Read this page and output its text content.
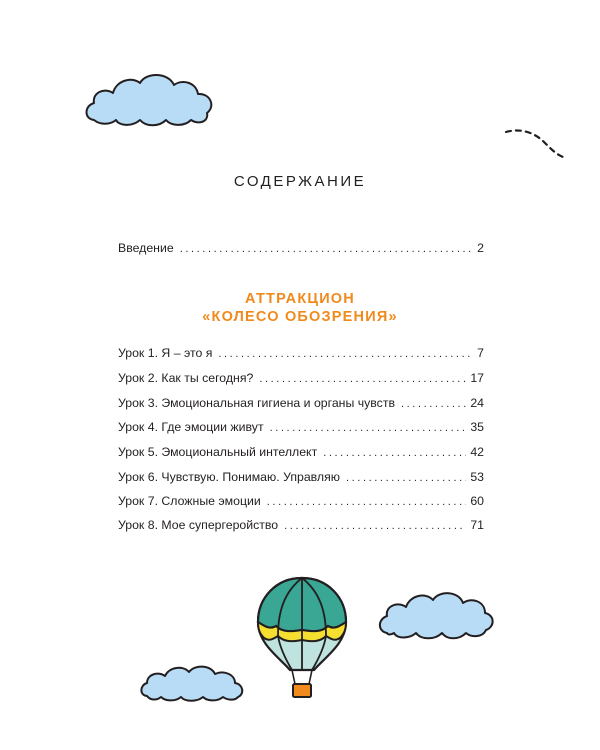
СОДЕРЖАНИЕ
Введение .....	2
АТТРАКЦИОН
«КОЛЕСО ОБОЗРЕНИЯ»
Урок 1. Я – это я .....	7
Урок 2. Как ты сегодня? .....	17
Урок 3. Эмоциональная гигиена и органы чувств .....	24
Урок 4. Где эмоции живут .....	35
Урок 5. Эмоциональный интеллект .....	42
Урок 6. Чувствую. Понимаю. Управляю .....	53
Урок 7. Сложные эмоции .....	60
Урок 8. Мое супергеройство .....	71
